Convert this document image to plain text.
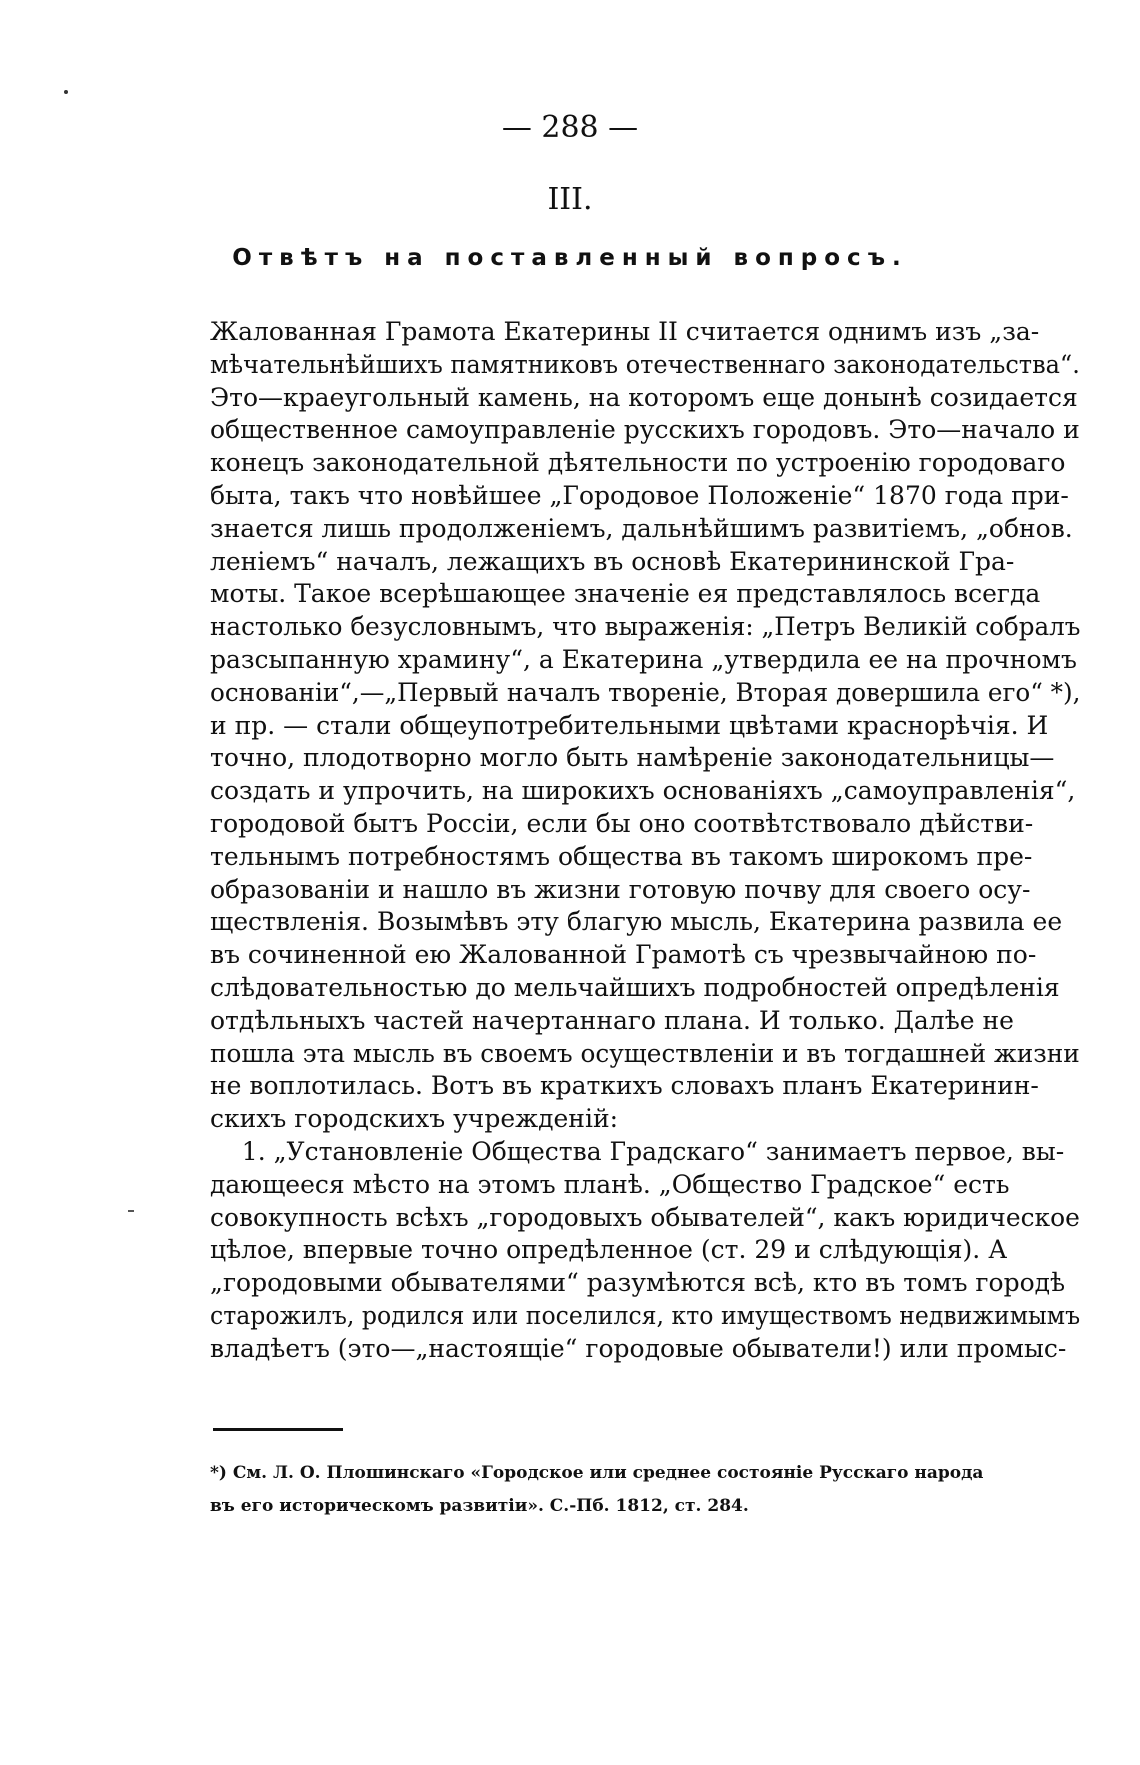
— 288 —
III.
Отвѣтъ на поставленный вопросъ.
Жалованная Грамота Екатерины II считается однимъ изъ „за-
мѣчательнѣйшихъ памятниковъ отечественнаго законодательства“.
Это—краеугольный камень, на которомъ еще донынѣ созидается
общественное самоуправленіе русскихъ городовъ. Это—начало и
конецъ законодательной дѣятельности по устроенію городоваго
быта, такъ что новѣйшее „Городовое Положеніе“ 1870 года при-
знается лишь продолженіемъ, дальнѣйшимъ развитіемъ, „обнов.
леніемъ“ началъ, лежащихъ въ основѣ Екатерининской Гра-
моты. Такое всерѣшающее значеніе ея представлялось всегда
настолько безусловнымъ, что выраженія: „Петръ Великій собралъ
разсыпанную храмину“, а Екатерина „утвердила ее на прочномъ
основаніи“,—„Первый началъ твореніе, Вторая довершила его“ *),
и пр. — стали общеупотребительными цвѣтами краснорѣчія. И
точно, плодотворно могло быть намѣреніе законодательницы—
создать и упрочить, на широкихъ основаніяхъ „самоуправленія“,
городовой бытъ Россіи, если бы оно соотвѣтствовало дѣйстви-
тельнымъ потребностямъ общества въ такомъ широкомъ пре-
образованіи и нашло въ жизни готовую почву для своего осу-
ществленія. Возымѣвъ эту благую мысль, Екатерина развила ее
въ сочиненной ею Жалованной Грамотѣ съ чрезвычайною по-
слѣдовательностью до мельчайшихъ подробностей опредѣленія
отдѣльныхъ частей начертаннаго плана. И только. Далѣе не
пошла эта мысль въ своемъ осуществленіи и въ тогдашней жизни
не воплотилась. Вотъ въ краткихъ словахъ планъ Екатеринин-
скихъ городскихъ учрежденій:
1. „Установленіе Общества Градскаго“ занимаетъ первое, вы-
дающееся мѣсто на этомъ планѣ. „Общество Градское“ есть
совокупность всѣхъ „городовыхъ обывателей“, какъ юридическое
цѣлое, впервые точно опредѣленное (ст. 29 и слѣдующія). А
„городовыми обывателями“ разумѣются всѣ, кто въ томъ городѣ
старожилъ, родился или поселился, кто имуществомъ недвижимымъ
владѣетъ (это—„настоящіе“ городовые обыватели!) или промыс-
*) См. Л. О. Плошинскаго «Городское или среднее состояніе Русскаго народа
въ его историческомъ развитіи». С.-Пб. 1812, ст. 284.
